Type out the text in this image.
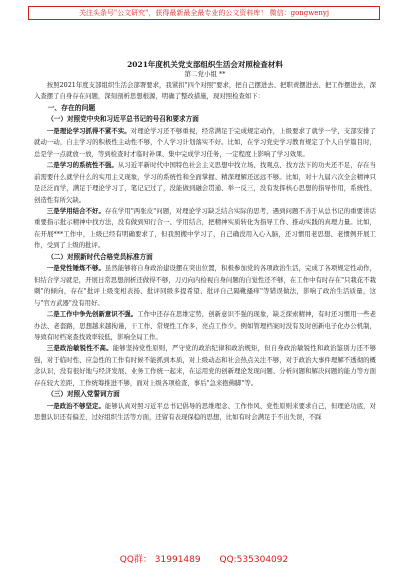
关注头条号"公文研究"，获得最新最全最专业的公文资料库！ 微信：gongwenyj

2021年度机关党支部组织生活会对照检查材料

第二党小组 **

按照2021年度支部组织生活会部署要求，我紧扣"四个对照"要求，把自己摆进去、把职责摆进去、把工作摆进去，深入查摆了自身存在问题，深刻剖析思想根源，明确了整改措施，现对照检查如下：

一、存在的问题

（一）对照党中央和习近平总书记的号召和要求方面

一是理论学习抓得不紧不实。对理论学习还不够重视，经常满足于完成规定动作，上级要求了就学一学，支部安排了就动一动，自主学习的积极性主动性不够，个人学习计划落实不好。比如，在学习党史学习教育规定了个人自学篇目时，总是学一点就放一放，等到检查时才临时补课、集中完成学习任务，一定程度上影响了学习效果。

二是学习的系统性不强。从习近平新时代中国特色社会主义思想中找立场、找观点、找方法下的功夫还不足，存在当前需要什么就学什么的实用主义现象，学习的系统性和全面掌握、精深理解还远远不够。比如，对十九届六次全会精神只是泛泛而学，满足于理论学习了，笔记记过了，没能做到融会贯通、举一反三，没有发挥核心思想的指导作用，系统性、创造性有所欠缺。

三是学用结合不好。存在学用"两张皮"问题，对理论学习缺乏结合实际的思考，遇到问题不善于从总书记的重要讲话重要指示批示精神中找方法，没有做到知行合一、学用结合，把精神实质转化为指导工作、推动实践的真理力量。比如，在开展***工作中，上级已经有明确要求了，但我照搬中学习了，自己确没用入心入脑，还习惯用老思想、老惯例开展工作，受到了上级的批评。

（二）对照新时代合格党员标准方面

一是党性锤炼不够。虽然能够将自身政治建设摆在突出位置，积极参加党的各项政治生活，完成了各项规定性动作，但结合学习就是，开展日常思想剖析还做得不够，刀刃向内检视自身问题的自觉性还不够，在工作中有时存在"只栽花不栽刺"的倾向，存在"批评上级变相表扬、批评同级多提希望、批评自己隔靴搔痒"等错误做法，影响了政治生活质量，这与"官方武器"没有用好。

二是工作中争先创新意识不强。工作中还存在思维定势，创新意识不强的现象，缺乏探索精神，有时还习惯用一些老办法、老套路，思想越来越拘谨，干工作、常规性工作多，亮点工作少。例如管理档案时没有及时创新电子化办公机制，导致有时档案查找效率较低，影响全局工作。

三是政治敏锐性不高。能够坚持党性原则，严守党的政治纪律和政治规矩，但自身政治敏锐性和政治鉴别力还不够强，对于临时性、应急性的工作有时候不能抓到本质，对上级动态和社会热点关注不够，对于政治大事件理解不透彻的概念认识，没有很好地与经济发展、业务工作统一起来，在运用党的创新理论发现问题、分析问题和解决问题的能力等方面存在较大差距，工作统筹推进不够，面对上级各项检查，事后"急来抱佛脚"等。

（三）对照入党誓词方面

一是政治不够坚定。能够认真对照习近平总书记倡导的思维理念、工作作风、党性原则来要求自己，但理论功底，对思想认识还有偏差，过好组织生活等方面，还留有表现保稳的思想，比如有时会满足于不出失误，不踩

QQ群： 31991489 QQ:535304092
